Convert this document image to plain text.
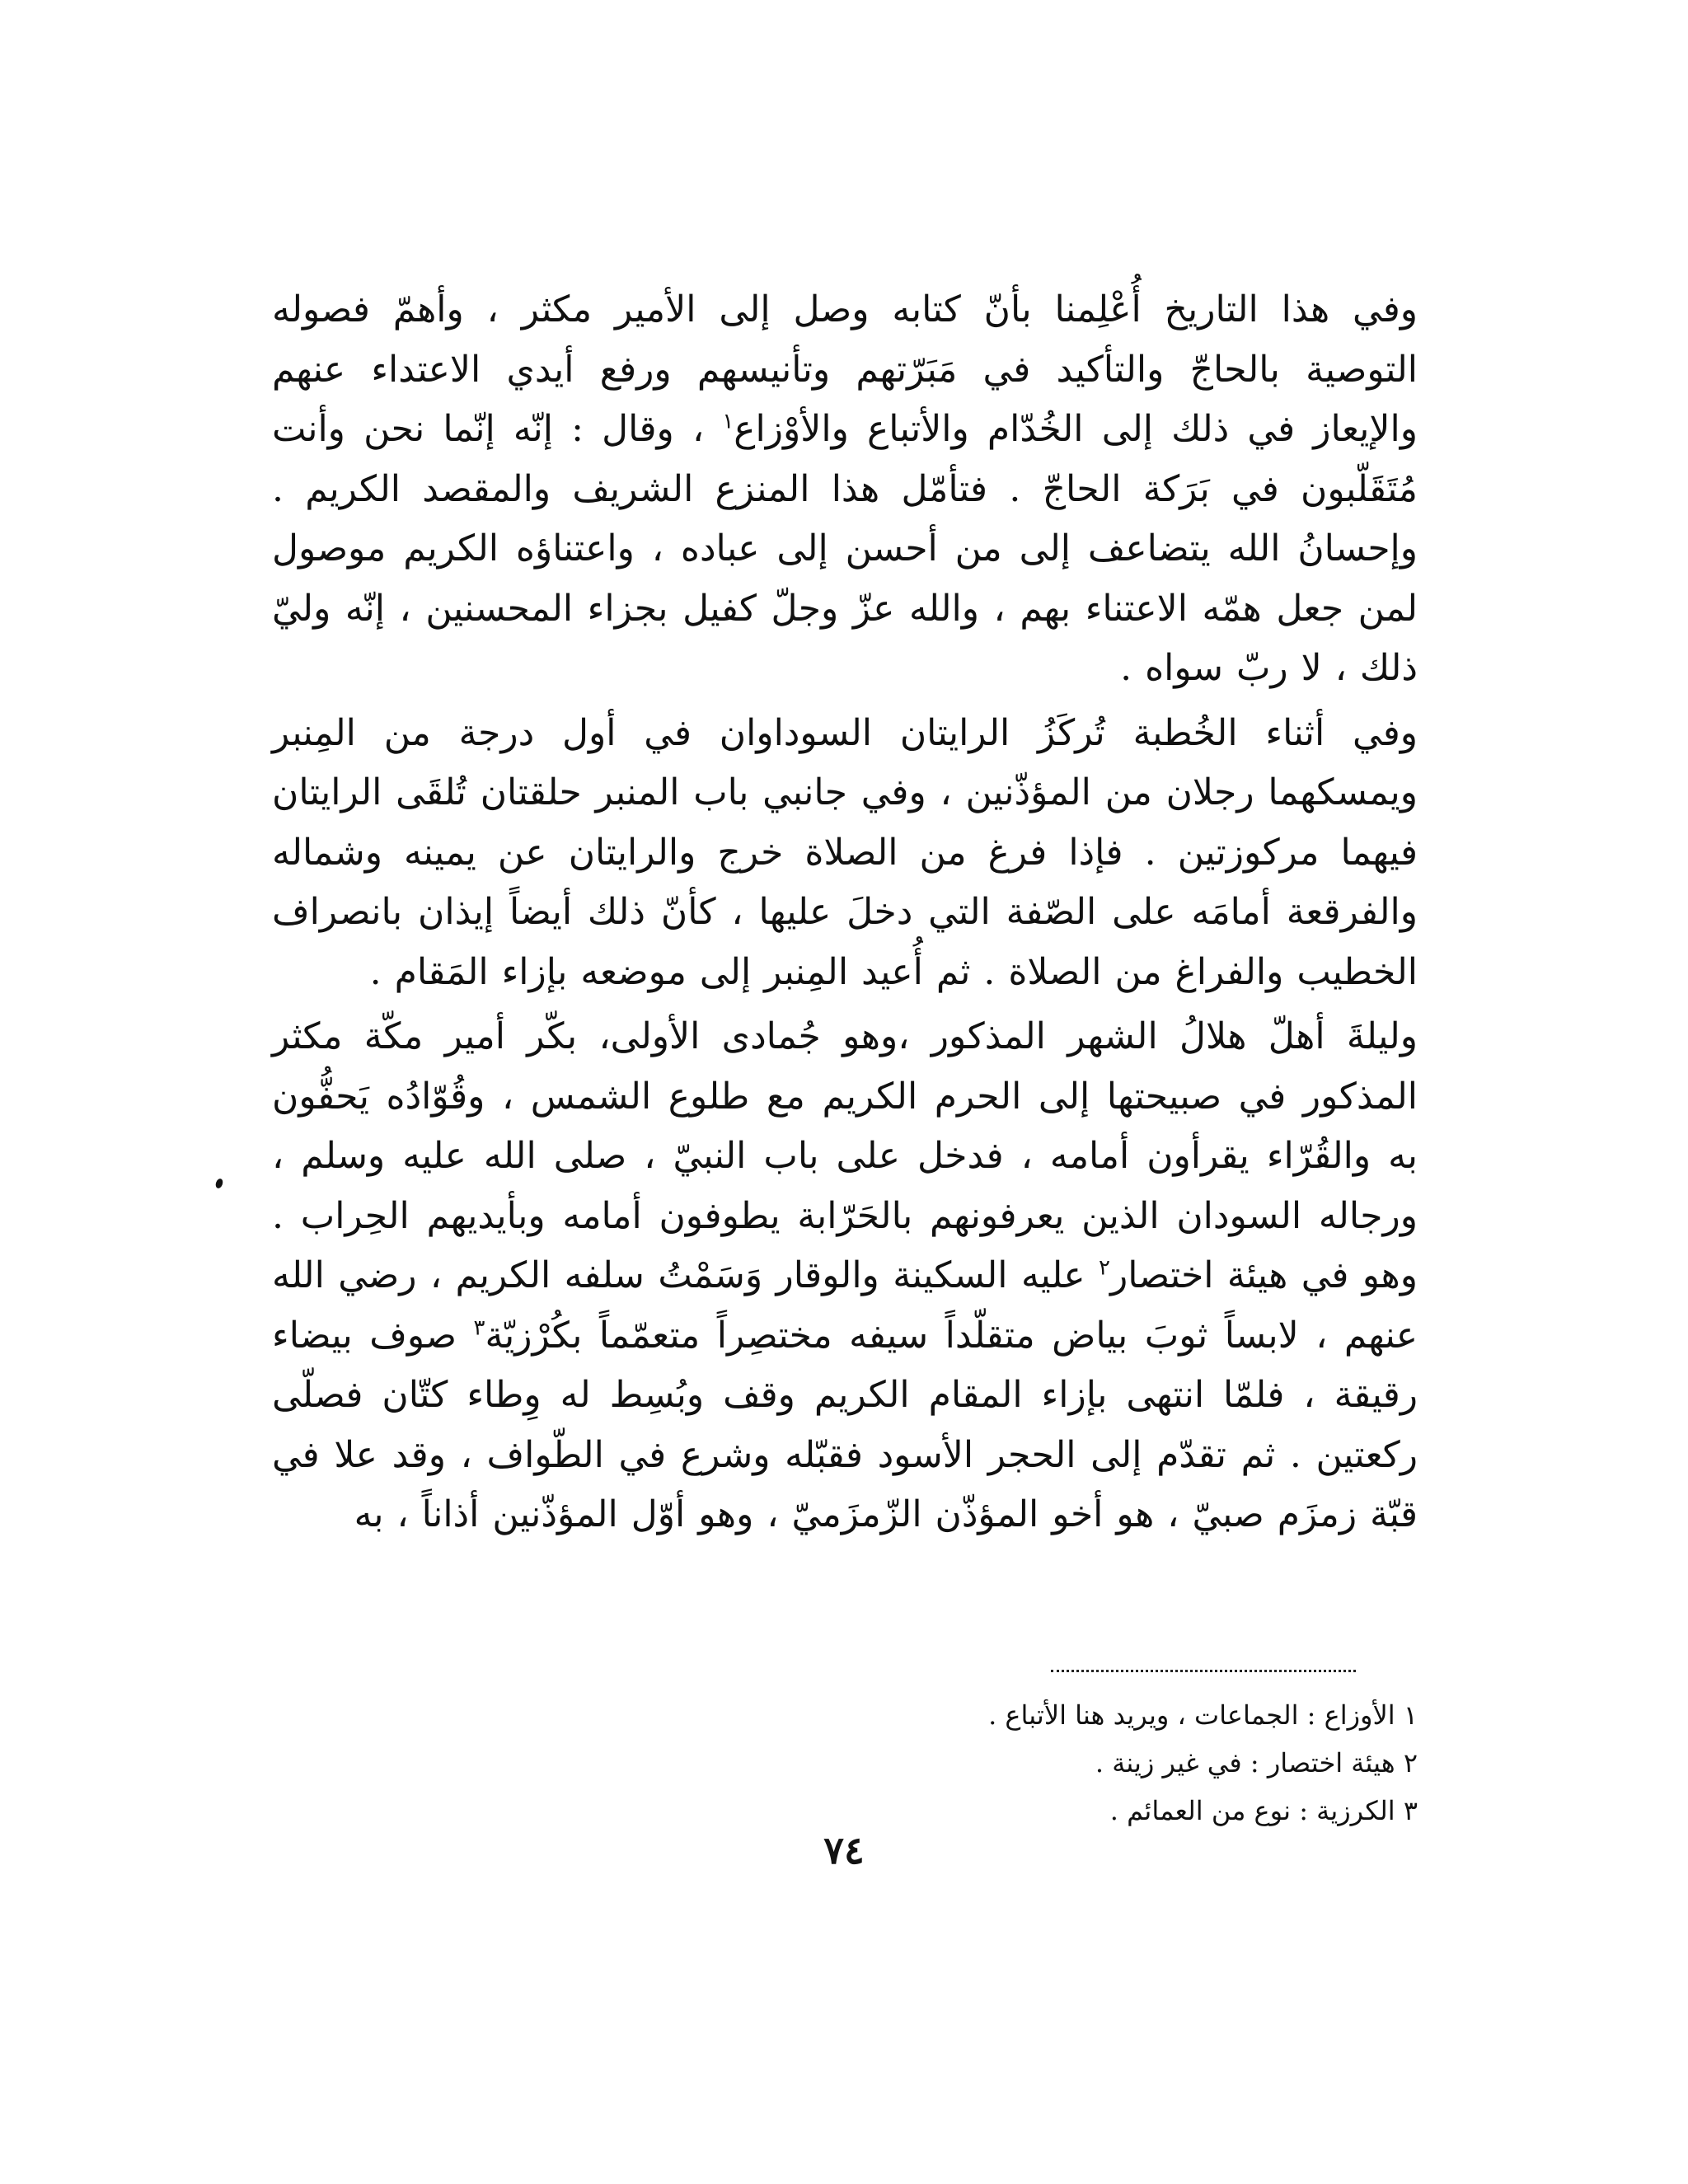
وفي هذا التاريخ أُعْلِمنا بأنّ كتابه وصل إلى الأمير مكثر ، وأهمّ فصوله التوصية بالحاجّ والتأكيد في مَبَرّتهم وتأنيسهم ورفع أيدي الاعتداء عنهم والإيعاز في ذلك إلى الخُدّام والأتباع والأوْزاع$^١$ ، وقال : إنّه إنّما نحن وأنت مُتَقَلّبون في بَرَكة الحاجّ . فتأمّل هذا المنزع الشريف والمقصد الكريم . وإحسانُ الله يتضاعف إلى من أحسن إلى عباده ، واعتناؤه الكريم موصول لمن جعل همّه الاعتناء بهم ، والله عزّ وجلّ كفيل بجزاء المحسنين ، إنّه وليّ ذلك ، لا ربّ سواه .

وفي أثناء الخُطبة تُركَزُ الرايتان السوداوان في أول درجة من المِنبر ويمسكهما رجلان من المؤذّنين ، وفي جانبي باب المنبر حلقتان تُلقَى الرايتان فيهما مركوزتين . فإذا فرغ من الصلاة خرج والرايتان عن يمينه وشماله والفرقعة أمامَه على الصّفة التي دخلَ عليها ، كأنّ ذلك أيضاً إيذان بانصراف الخطيب والفراغ من الصلاة . ثم أُعيد المِنبر إلى موضعه بإزاء المَقام .

وليلةَ أهلّ هلالُ الشهر المذكور ،وهو جُمادى الأولى، بكّر أمير مكّة مكثر المذكور في صبيحتها إلى الحرم الكريم مع طلوع الشمس ، وقُوّادُه يَحفُّون به والقُرّاء يقرأون أمامه ، فدخل على باب النبيّ ، صلى الله عليه وسلم ، ورجاله السودان الذين يعرفونهم بالحَرّابة يطوفون أمامه وبأيديهم الحِراب . وهو في هيئة اختصار$^٢$ عليه السكينة والوقار وَسَمْتُ سلفه الكريم ، رضي الله عنهم ، لابساً ثوبَ بياض متقلّداً سيفه مختصِراً متعمّماً بكُرْزيّة$^٣$ صوف بيضاء رقيقة ، فلمّا انتهى بإزاء المقام الكريم وقف وبُسِط له وِطاء كتّان فصلّى ركعتين . ثم تقدّم إلى الحجر الأسود فقبّله وشرع في الطّواف ، وقد علا في قبّة زمزَم صبيّ ، هو أخو المؤذّن الزّمزَميّ ، وهو أوّل المؤذّنين أذاناً ، به

١ الأوزاع : الجماعات ، ويريد هنا الأتباع .
٢ هيئة اختصار : في غير زينة .
٣ الكرزية : نوع من العمائم .
٧٤
